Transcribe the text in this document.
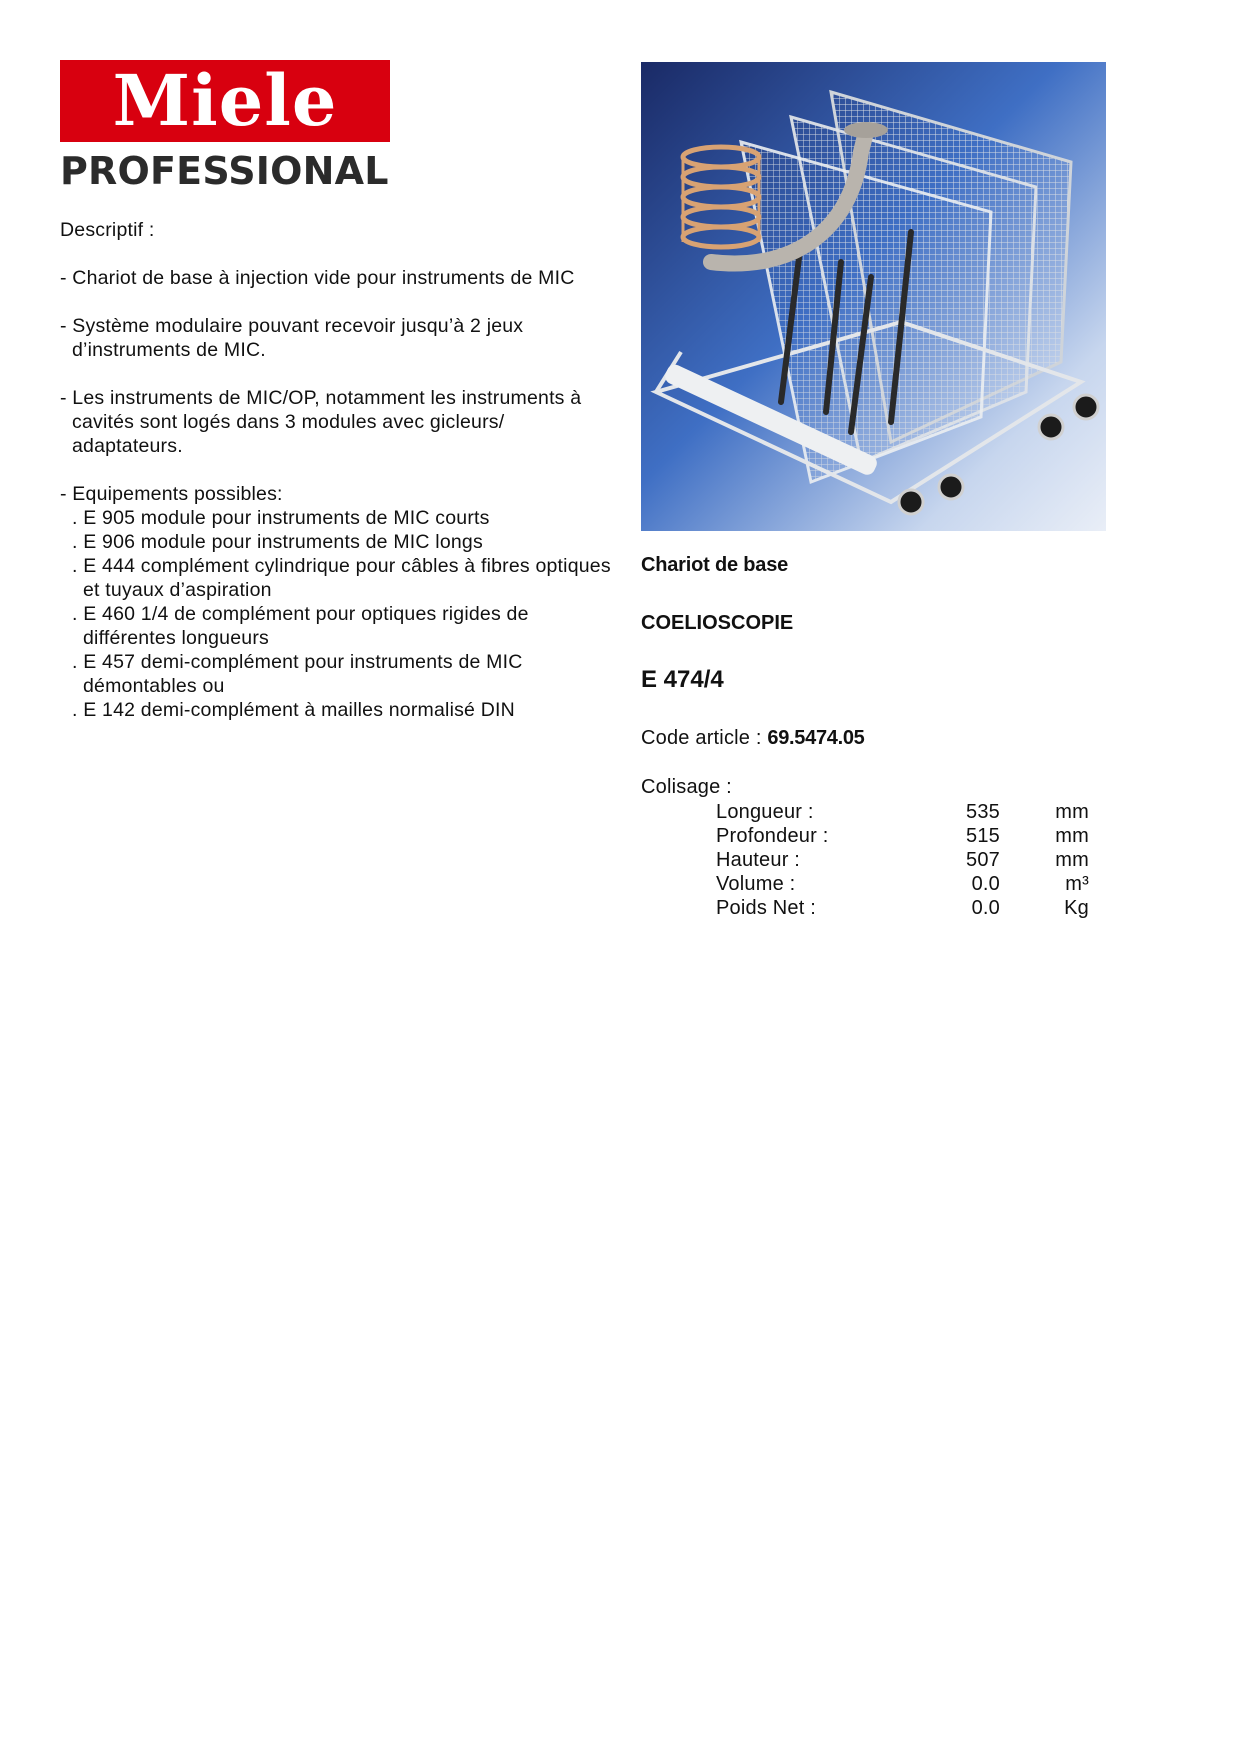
Miele
PROFESSIONAL
Descriptif :
- Chariot de base à injection vide pour instruments de MIC
- Système modulaire pouvant recevoir jusqu’à 2 jeux d’instruments de MIC.
- Les instruments de MIC/OP, notamment les instruments à cavités sont logés dans 3 modules avec gicleurs/ adaptateurs.
- Equipements possibles:
. E 905 module pour instruments de MIC courts
. E 906 module pour instruments de MIC longs
. E 444 complément cylindrique pour câbles à fibres optiques et tuyaux d’aspiration
. E 460 1/4 de complément pour optiques rigides de différentes longueurs
. E 457 demi-complément pour instruments de MIC démontables ou
. E 142 demi-complément à mailles normalisé DIN
Chariot de base
COELIOSCOPIE
E 474/4
Code article : 69.5474.05
Colisage :
Longueur :	535	mm
Profondeur :	515	mm
Hauteur :	507	mm
Volume :	0.0	m³
Poids Net :	0.0	Kg
